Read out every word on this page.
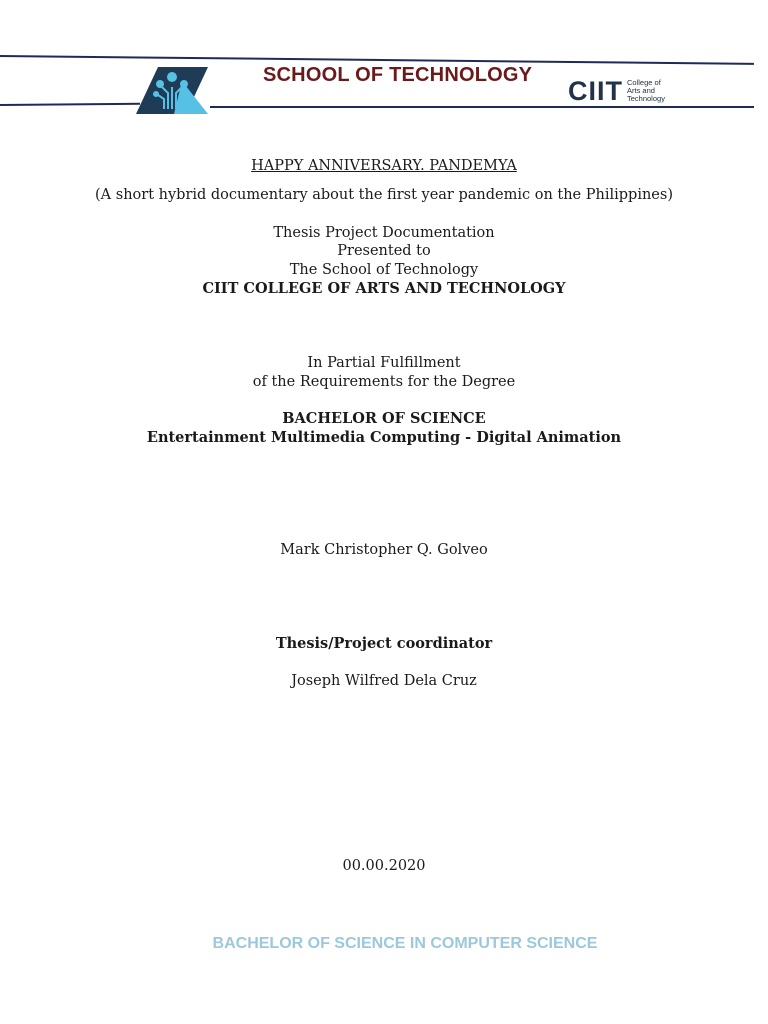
SCHOOL OF TECHNOLOGY
CIIT College of
Arts and
Technology
HAPPY ANNIVERSARY. PANDEMYA
(A short hybrid documentary about the first year pandemic on the Philippines)
Thesis Project Documentation
Presented to
The School of Technology
CIIT COLLEGE OF ARTS AND TECHNOLOGY
In Partial Fulfillment
of the Requirements for the Degree
BACHELOR OF SCIENCE
Entertainment Multimedia Computing - Digital Animation
Mark Christopher Q. Golveo
Thesis/Project coordinator
Joseph Wilfred Dela Cruz
00.00.2020
BACHELOR OF SCIENCE IN COMPUTER SCIENCE
